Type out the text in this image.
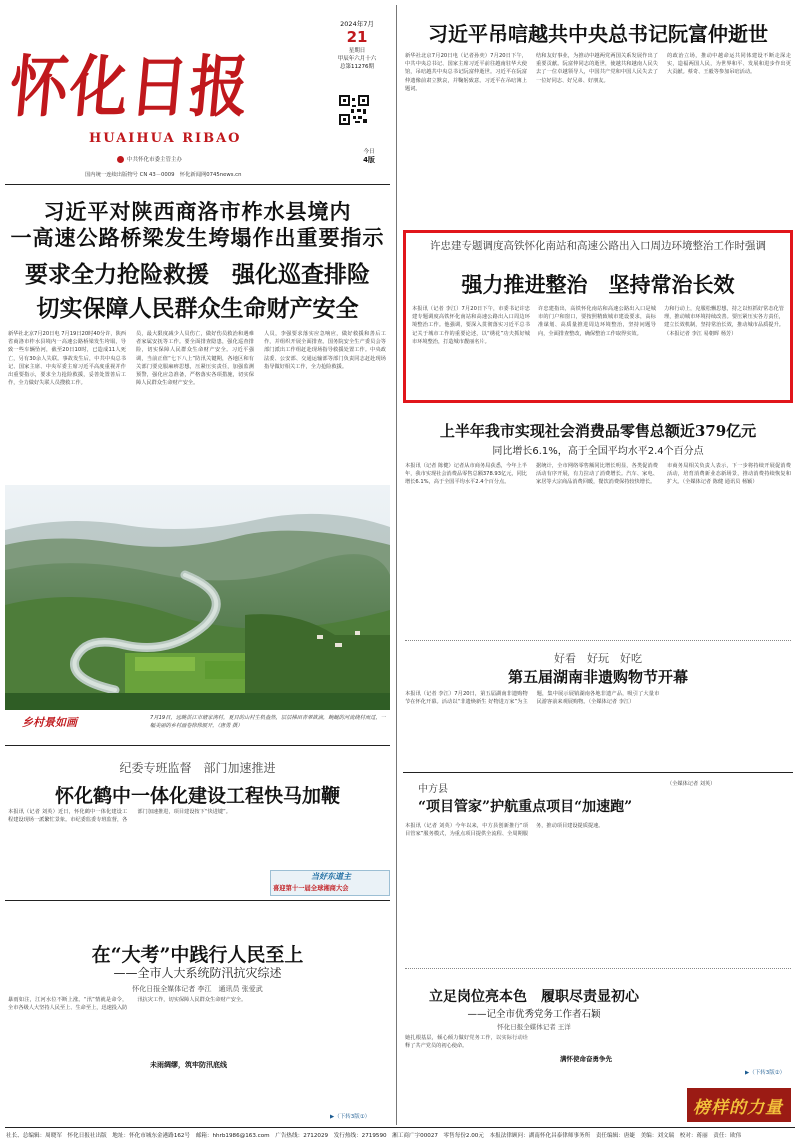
怀化日报
HUAIHUA RIBAO
中共怀化市委主管主办
国内统一连续出版物号 CN 43－0009　怀化新闻网0745news.cn
2024年7月
21
星期日
甲辰年六月十六
总第11276期
今日
4版
习近平对陕西商洛市柞水县境内
一高速公路桥梁发生垮塌作出重要指示
要求全力抢险救援　强化巡查排险
切实保障人民群众生命财产安全
新华社北京7月20日电 7月19日20时40分许，陕西省商洛市柞水县境内一高速公路桥梁发生垮塌，导致一些车辆坠河，截至20日10时，已造成11人死亡，另有30余人失联。事故发生后，中共中央总书记、国家主席、中央军委主席习近平高度重视并作出重要指示，要求全力抢险救援，妥善处置善后工作，全力做好失联人员搜救工作。
员，最大限度减少人员伤亡，做好伤员救治和遇难者家属安抚等工作。要全面排查隐患，强化巡查排险，切实保障人民群众生命财产安全。习近平强调，当前正值“七下八上”防汛关键期，各地区和有关部门要克服麻痹思想，压紧压实责任，加强监测预警，强化应急准备，严格落实各项措施，切实保障人民群众生命财产安全。
人员，李强要求落实应急响应，做好救援和善后工作，并组织开展全面排查。国务院安全生产委员会等部门派出工作组赶赴现场指导救援处置工作。中央政法委、公安部、交通运输部等部门负责同志赶赴现场指导做好相关工作，全力抢险救援。
乡村景如画	7月19日，远眺洪江市塘家湾村，夏日的山村生机盎然，层层梯田青翠欲滴，蜿蜒的河流绕村而过，一幅美丽的乡村画卷徐徐展开。（唐勇 摄）
纪委专班监督　部门加速推进
怀化鹤中一体化建设工程快马加鞭
本报讯（记者 刘英）近日，怀化鹤中一体化建设工程建设现场一派繁忙景象。市纪委监委专班监督，各部门加速推进，项目建设按下“快进键”。
当好东道主
喜迎第十一届全球湘商大会
在“大考”中践行人民至上
——全市人大系统防汛抗灾综述
怀化日报全媒体记者 李江　通讯员 张爱武
暴雨如注，江河水位不断上涨。“汛”情就是命令，全市各级人大坚持人民至上、生命至上，迅速投入防汛抗灾工作，切实保障人民群众生命财产安全。
未雨绸缪，筑牢防汛底线
▶（下转3版①）
习近平吊唁越共中央总书记阮富仲逝世
新华社北京7月20日电（记者孙奕）7月20日下午，中共中央总书记、国家主席习近平前往越南驻华大使馆，吊唁越共中央总书记阮富仲逝世。习近平在阮富仲遗像前肃立默哀，并鞠躬致意。习近平在吊唁簿上题词。
结和友好事业，为推动中越两党两国关系发展作出了重要贡献。阮富仲同志的逝世，使越共和越南人民失去了一位卓越领导人，中国共产党和中国人民失去了一位好同志、好兄弟、好朋友。
的政治立场，推动中越命运共同体建设不断走深走实，造福两国人民，为世界和平、发展和进步作出更大贡献。蔡奇、王毅等参加吊唁活动。
许忠建专题调度高铁怀化南站和高速公路出入口周边环境整治工作时强调
强力推进整治　坚持常治长效
本报讯（记者 李江）7月20日下午，市委书记许忠建专题调度高铁怀化南站和高速公路出入口周边环境整治工作。他强调，要深入贯彻落实习近平总书记关于城市工作的重要论述，以“绣花”功夫抓好城市环境整治，打造城市靓丽名片。
许忠建指出，高铁怀化南站和高速公路出入口是城市的门户和窗口，要按照精致城市建设要求，高标准谋划、高质量推进周边环境整治，坚持问题导向，全面排查整改，确保整治工作取得实效。
力和行动上，克服松懈思想，持之以恒抓好常态化管理，推动城市环境持续改善。要压紧压实各方责任，建立长效机制，坚持常治长效，推动城市品质提升。（本报记者 李江 易朝晖 杨芳）
上半年我市实现社会消费品零售总额近379亿元
同比增长6.1%，高于全国平均水平2.4个百分点
本报讯（记者 陈健）记者从市商务局获悉，今年上半年，我市实现社会消费品零售总额378.93亿元，同比增长6.1%，高于全国平均水平2.4个百分点。
据统计，全市网络零售额同比增长明显，各类促消费活动有序开展，有力拉动了消费增长。汽车、家电、家居等大宗商品消费回暖，餐饮消费保持较快增长。
市商务局相关负责人表示，下一步将持续开展促消费活动，培育消费新业态新场景，推动消费持续恢复和扩大。（全媒体记者 陈健 通讯员 杨颖）
好看　好玩　好吃
第五届湖南非遗购物节开幕
本报讯（记者 李江）7月20日，第五届湖南非遗购物节在怀化开幕。活动以“非遗焕新生 好物进万家”为主题，集中展示展销湖南各地非遗产品，吸引了大量市民游客前来观展购物。（全媒体记者 李江）
中方县
“项目管家”护航重点项目“加速跑”
本报讯（记者 刘英）今年以来，中方县创新推行“项目管家”服务模式，为重点项目提供全流程、全周期服务，推动项目建设提质提速。
（全媒体记者 刘英）
立足岗位亮本色　履职尽责显初心
——记全市优秀党务工作者石颖
怀化日报全媒体记者 王洋
她扎根基层，倾心倾力做好党务工作，以实际行动诠释了共产党员的初心使命。
满怀使命奋勇争先
▶（下转3版②）
榜样的力量
社长、总编辑：周晓军　怀化日报社出版　地址：怀化市城东金港路162号　邮箱：hhrb1986@163.com　广告热线：2712029　发行热线：2719590　湘工商广字00027　零售每份2.00元　本报法律顾问：湖南怀化昌泰律师事务所　责任编辑：唐婕　美编：刘文瑞　校对：蒋丽　责任：欧伟
